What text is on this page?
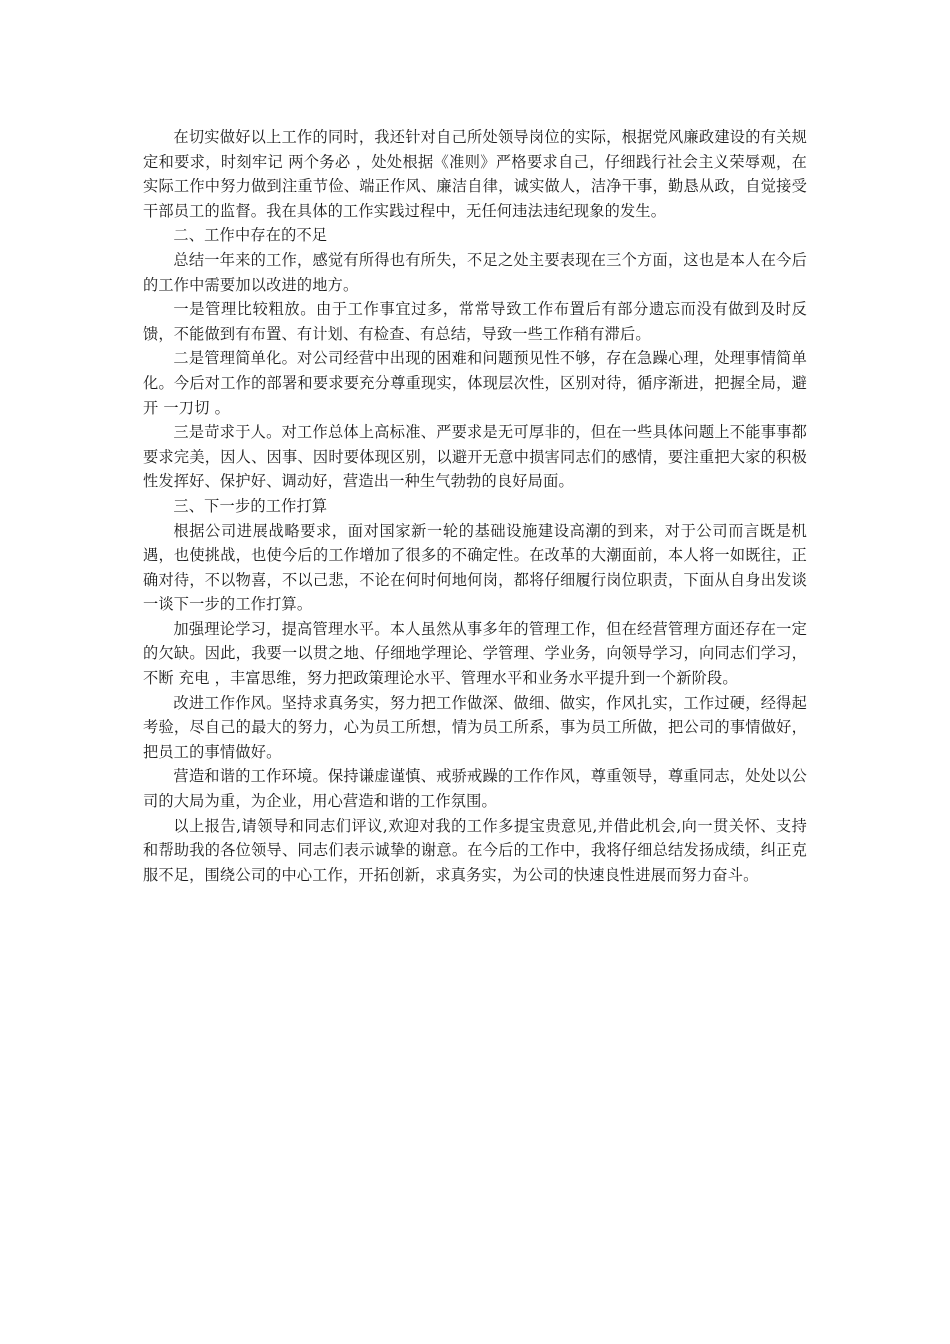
在切实做好以上工作的同时，我还针对自己所处领导岗位的实际，根据党风廉政建设的有关规定和要求，时刻牢记 两个务必 ，处处根据《准则》严格要求自己，仔细践行社会主义荣辱观，在实际工作中努力做到注重节俭、端正作风、廉洁自律，诚实做人，洁净干事，勤恳从政，自觉接受干部员工的监督。我在具体的工作实践过程中，无任何违法违纪现象的发生。

二、工作中存在的不足

总结一年来的工作，感觉有所得也有所失，不足之处主要表现在三个方面，这也是本人在今后的工作中需要加以改进的地方。

一是管理比较粗放。由于工作事宜过多，常常导致工作布置后有部分遗忘而没有做到及时反馈，不能做到有布置、有计划、有检查、有总结，导致一些工作稍有滞后。

二是管理简单化。对公司经营中出现的困难和问题预见性不够，存在急躁心理，处理事情简单化。今后对工作的部署和要求要充分尊重现实，体现层次性，区别对待，循序渐进，把握全局，避开 一刀切 。

三是苛求于人。对工作总体上高标准、严要求是无可厚非的，但在一些具体问题上不能事事都要求完美，因人、因事、因时要体现区别，以避开无意中损害同志们的感情，要注重把大家的积极性发挥好、保护好、调动好，营造出一种生气勃勃的良好局面。

三、下一步的工作打算

根据公司进展战略要求，面对国家新一轮的基础设施建设高潮的到来，对于公司而言既是机遇，也使挑战，也使今后的工作增加了很多的不确定性。在改革的大潮面前，本人将一如既往，正确对待，不以物喜，不以己悲，不论在何时何地何岗，都将仔细履行岗位职责，下面从自身出发谈一谈下一步的工作打算。

加强理论学习，提高管理水平。本人虽然从事多年的管理工作，但在经营管理方面还存在一定的欠缺。因此，我要一以贯之地、仔细地学理论、学管理、学业务，向领导学习，向同志们学习，不断 充电 ，丰富思维，努力把政策理论水平、管理水平和业务水平提升到一个新阶段。

改进工作作风。坚持求真务实，努力把工作做深、做细、做实，作风扎实，工作过硬，经得起考验，尽自己的最大的努力，心为员工所想，情为员工所系，事为员工所做，把公司的事情做好，把员工的事情做好。

营造和谐的工作环境。保持谦虚谨慎、戒骄戒躁的工作作风，尊重领导，尊重同志，处处以公司的大局为重，为企业，用心营造和谐的工作氛围。

以上报告,请领导和同志们评议,欢迎对我的工作多提宝贵意见,并借此机会,向一贯关怀、支持和帮助我的各位领导、同志们表示诚挚的谢意。在今后的工作中，我将仔细总结发扬成绩，纠正克服不足，围绕公司的中心工作，开拓创新，求真务实，为公司的快速良性进展而努力奋斗。
